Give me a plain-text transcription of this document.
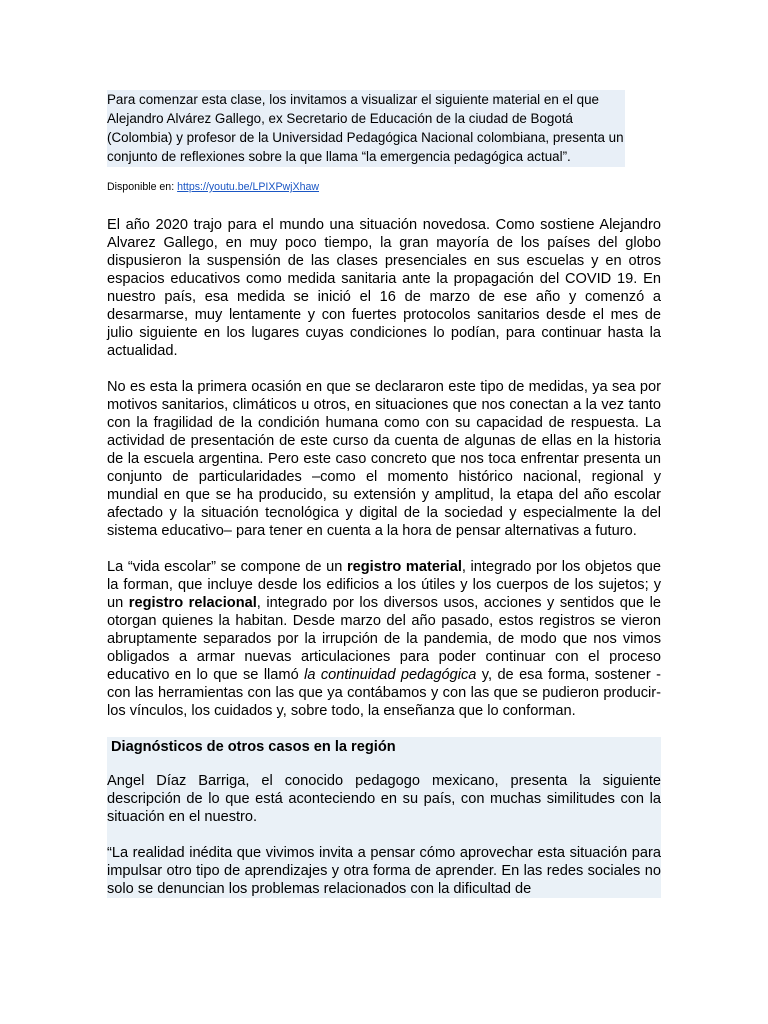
Para comenzar esta clase, los invitamos a visualizar el siguiente material en el que Alejandro Alvárez Gallego, ex Secretario de Educación de la ciudad de Bogotá (Colombia) y profesor de la Universidad Pedagógica Nacional colombiana, presenta un conjunto de reflexiones sobre la que llama “la emergencia pedagógica actual”.
Disponible en: https://youtu.be/LPIXPwjXhaw

El año 2020 trajo para el mundo una situación novedosa. Como sostiene Alejandro Alvarez Gallego, en muy poco tiempo, la gran mayoría de los países del globo dispusieron la suspensión de las clases presenciales en sus escuelas y en otros espacios educativos como medida sanitaria ante la propagación del COVID 19. En nuestro país, esa medida se inició el 16 de marzo de ese año y comenzó a desarmarse, muy lentamente y con fuertes protocolos sanitarios desde el mes de julio siguiente en los lugares cuyas condiciones lo podían, para continuar hasta la actualidad.

No es esta la primera ocasión en que se declararon este tipo de medidas, ya sea por motivos sanitarios, climáticos u otros, en situaciones que nos conectan a la vez tanto con la fragilidad de la condición humana como con su capacidad de respuesta. La actividad de presentación de este curso da cuenta de algunas de ellas en la historia de la escuela argentina. Pero este caso concreto que nos toca enfrentar presenta un conjunto de particularidades –como el momento histórico nacional, regional y mundial en que se ha producido, su extensión y amplitud, la etapa del año escolar afectado y la situación tecnológica y digital de la sociedad y especialmente la del sistema educativo– para tener en cuenta a la hora de pensar alternativas a futuro.

La “vida escolar” se compone de un registro material, integrado por los objetos que la forman, que incluye desde los edificios a los útiles y los cuerpos de los sujetos; y un registro relacional, integrado por los diversos usos, acciones y sentidos que le otorgan quienes la habitan. Desde marzo del año pasado, estos registros se vieron abruptamente separados por la irrupción de la pandemia, de modo que nos vimos obligados a armar nuevas articulaciones para poder continuar con el proceso educativo en lo que se llamó la continuidad pedagógica y, de esa forma, sostener -con las herramientas con las que ya contábamos y con las que se pudieron producir- los vínculos, los cuidados y, sobre todo, la enseñanza que lo conforman.

Diagnósticos de otros casos en la región

Angel Díaz Barriga, el conocido pedagogo mexicano, presenta la siguiente descripción de lo que está aconteciendo en su país, con muchas similitudes con la situación en el nuestro.

“La realidad inédita que vivimos invita a pensar cómo aprovechar esta situación para impulsar otro tipo de aprendizajes y otra forma de aprender. En las redes sociales no solo se denuncian los problemas relacionados con la dificultad de
